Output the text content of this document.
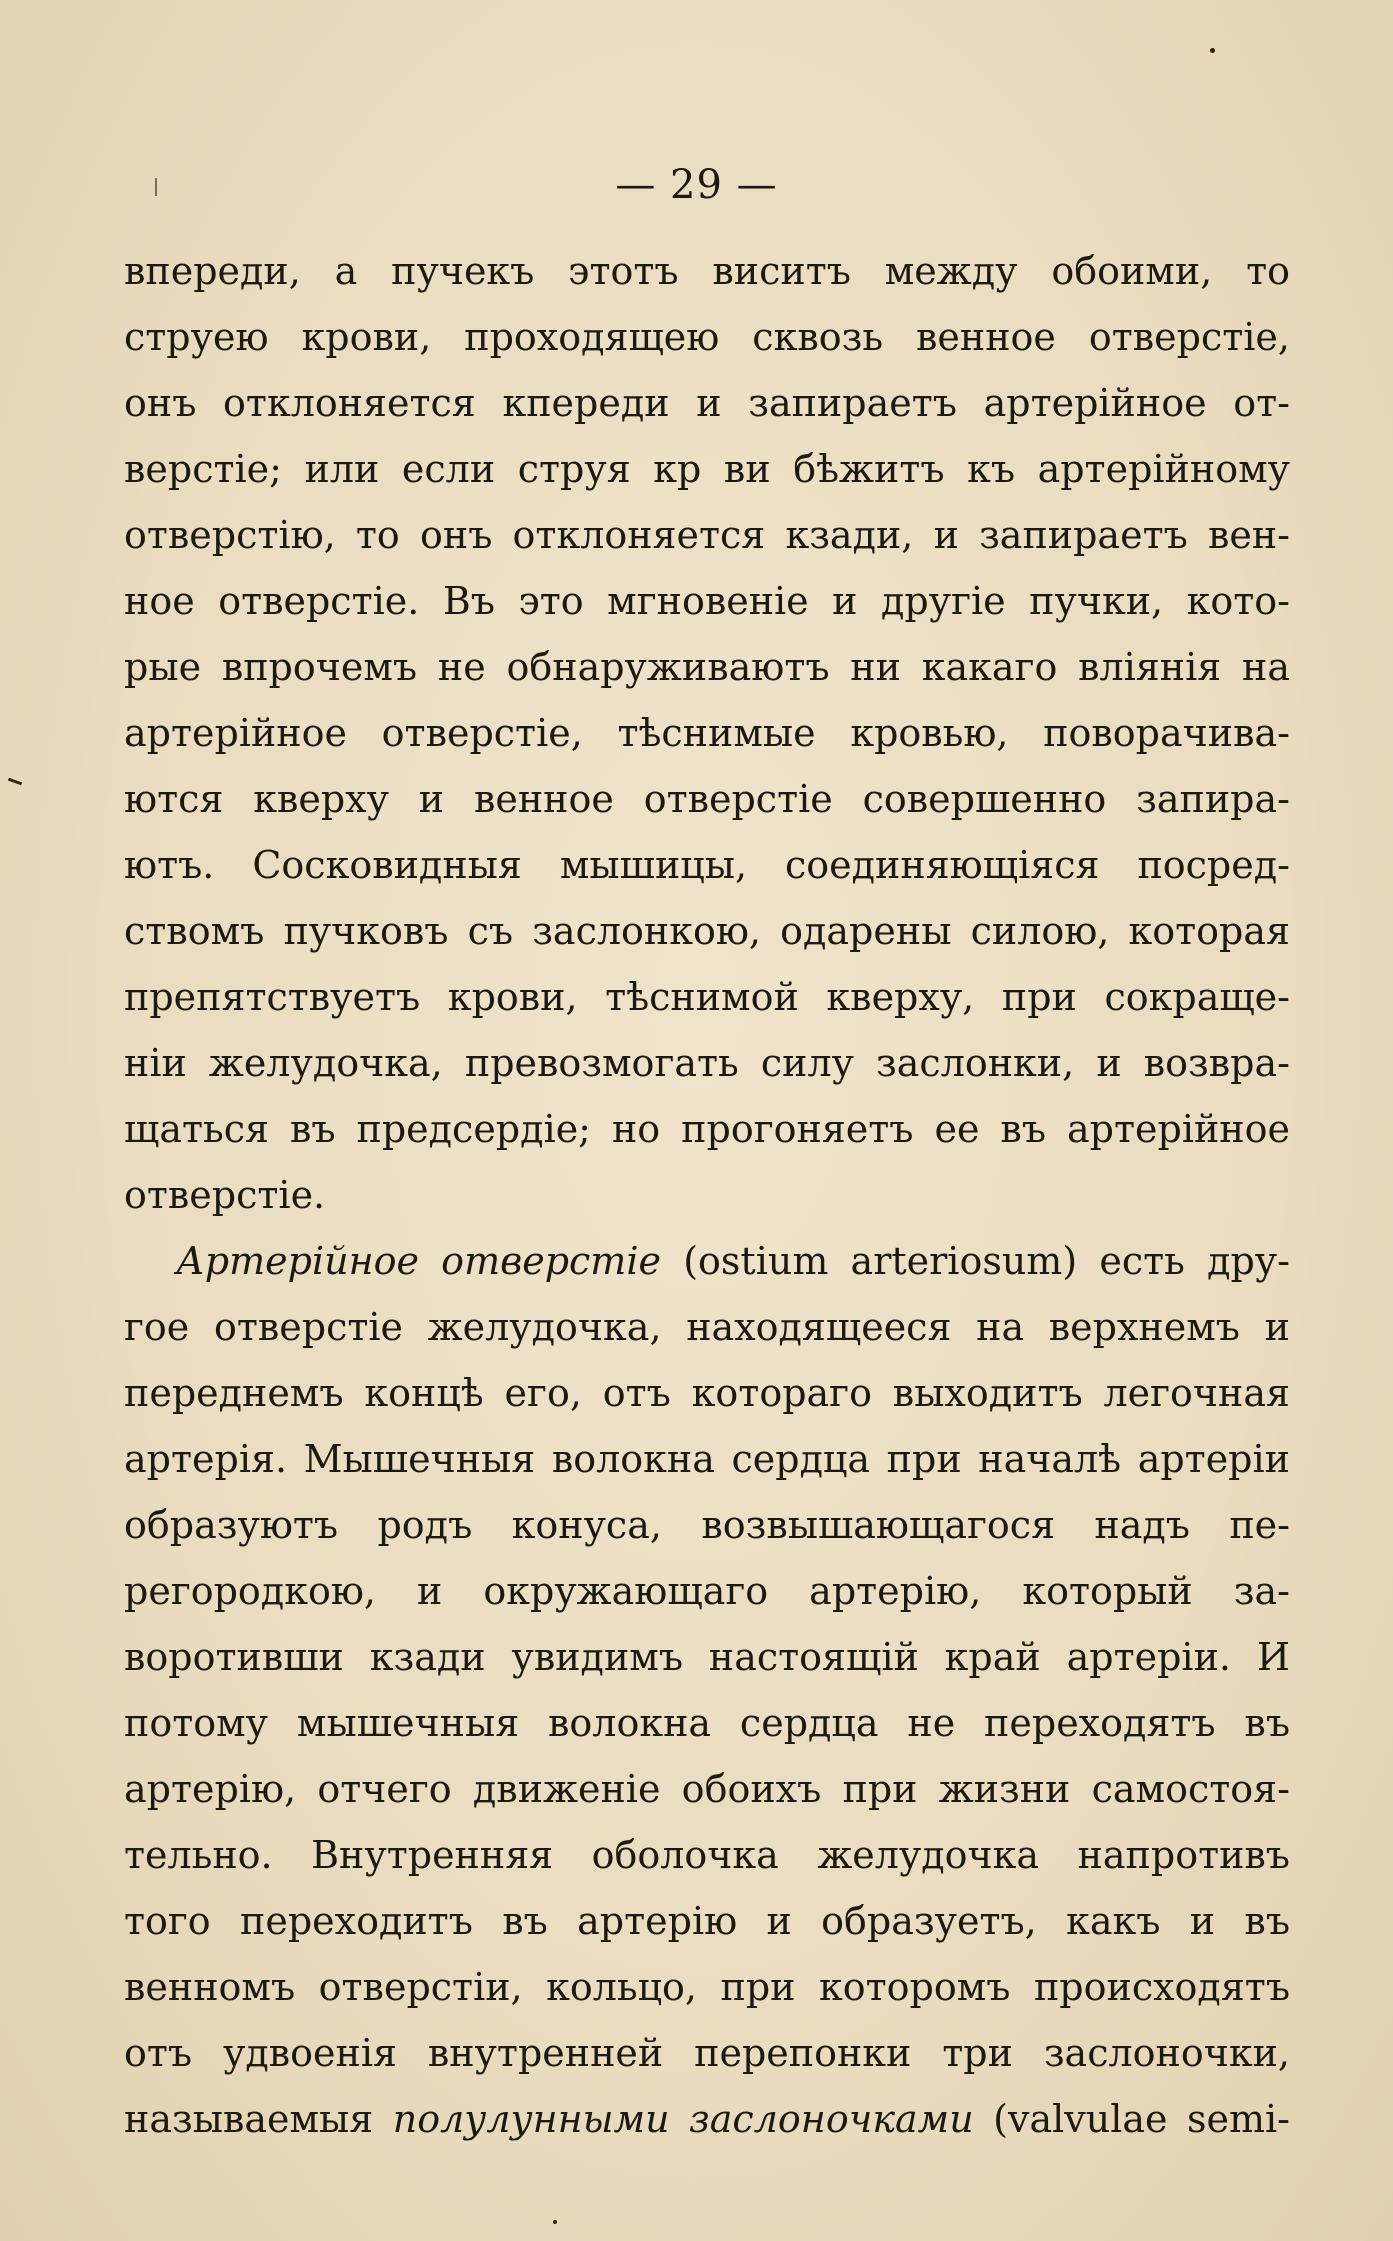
— 29 —
впереди, а пучекъ этотъ виситъ между обоими, то
струею крови, проходящею сквозь венное отверстіе,
онъ отклоняется кпереди и запираетъ артерійное от-
верстіе; или если струя кр ви бѣжитъ къ артерійному
отверстію, то онъ отклоняется кзади, и запираетъ вен-
ное отверстіе. Въ это мгновеніе и другіе пучки, кото-
рые впрочемъ не обнаруживаютъ ни какаго вліянія на
артерійное отверстіе, тѣснимые кровью, поворачива-
ются кверху и венное отверстіе совершенно запира-
ютъ. Сосковидныя мышицы, соединяющіяся посред-
ствомъ пучковъ съ заслонкою, одарены силою, которая
препятствуетъ крови, тѣснимой кверху, при сокраще-
ніи желудочка, превозмогать силу заслонки, и возвра-
щаться въ предсердіе; но прогоняетъ ее въ артерійное
отверстіе.
Артерійное отверстіе (ostium arteriosum) есть дру-
гое отверстіе желудочка, находящееся на верхнемъ и
переднемъ концѣ его, отъ котораго выходитъ легочная
артерія. Мышечныя волокна сердца при началѣ артеріи
образуютъ родъ конуса, возвышающагося надъ пе-
регородкою, и окружающаго артерію, который за-
воротивши кзади увидимъ настоящій край артеріи. И
потому мышечныя волокна сердца не переходятъ въ
артерію, отчего движеніе обоихъ при жизни самостоя-
тельно. Внутренняя оболочка желудочка напротивъ
того переходитъ въ артерію и образуетъ, какъ и въ
венномъ отверстіи, кольцо, при которомъ происходятъ
отъ удвоенія внутренней перепонки три заслоночки,
называемыя полулунными заслоночками (valvulae semi-
